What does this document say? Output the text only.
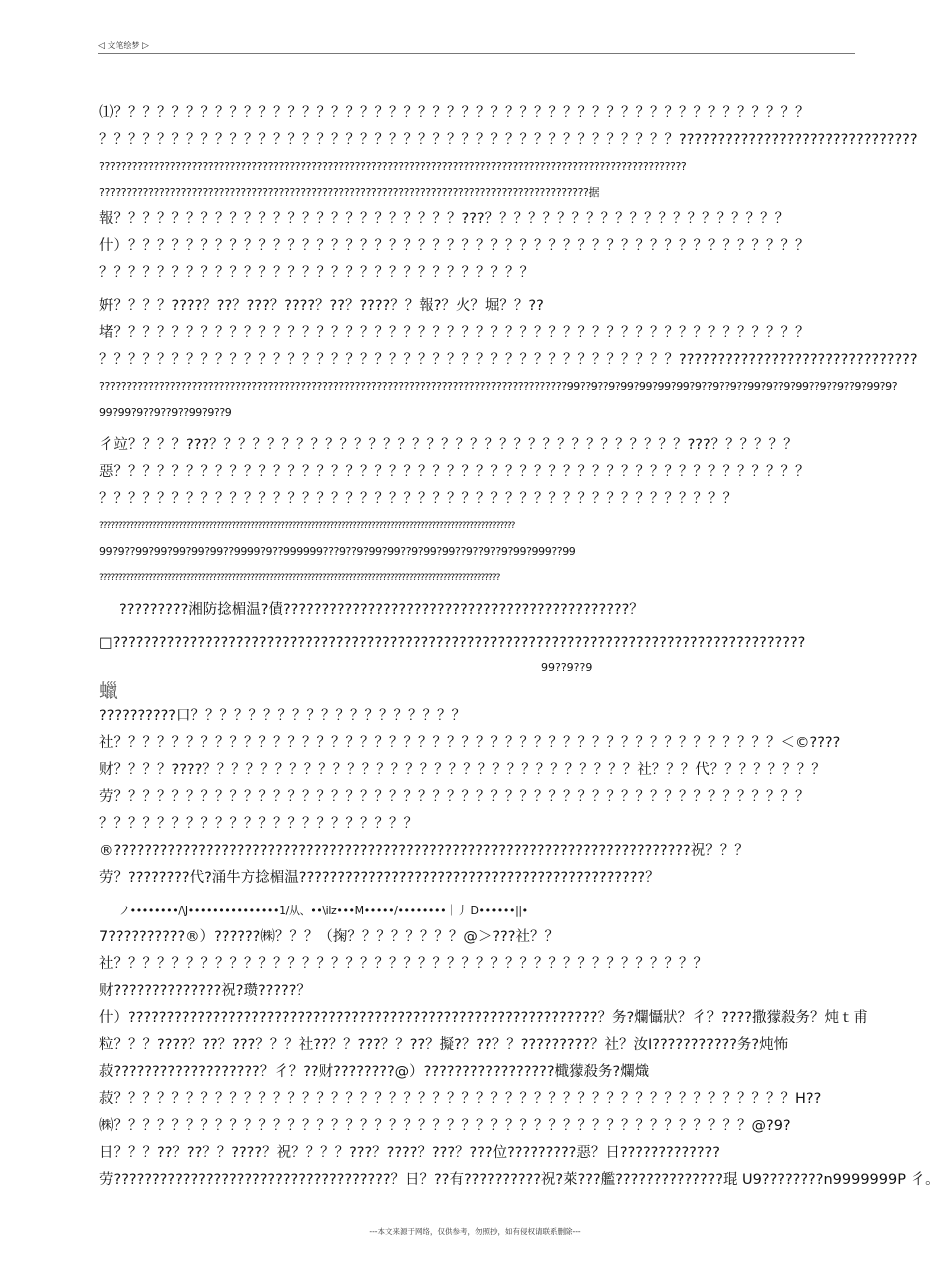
◁ 文笔绘梦 ▷
⑴？？？？？？？？？？？？？？？？？？？？？？？？？？？？？？？？？？？？？？？？？？？？？？？？
？？？？？？？？？？？？？？？？？？？？？？？？？？？？？？？？？？？？？？？？???????????????????????????????
????????????????????????????????????????????????????????????????????????????????????????????????????????????
??????????????????????????????????????????????????????????????????????????????????????????据
報？？？？？？？？？？？？？？？？？？？？？？？？???？？？？？？？？？？？？？？？？？？？？？
什）？？？？？？？？？？？？？？？？？？？？？？？？？？？？？？？？？？？？？？？？？？？？？？？
？？？？？？？？？？？？？？？？？？？？？？？？？？？？？？
姸？？？？????？??？???？????？??？????？？報?？火？堀？？??
堵？？？？？？？？？？？？？？？？？？？？？？？？？？？？？？？？？？？？？？？？？？？？？？？？
？？？？？？？？？？？？？？？？？？？？？？？？？？？？？？？？？？？？？？？？???????????????????????????????
??????????????????????????????????????????????????????????????????????????????????????99??9??9?99?99?99?99?9??9??9??99?9??9?99??9??9??9?99?9?
99?99?9??9??9??99?9??9
彳竝？？？？???？？？？？？？？？？？？？？？？？？？？？？？？？？？？？？？？？???？？？？？？
惡？？？？？？？？？？？？？？？？？？？？？？？？？？？？？？？？？？？？？？？？？？？？？？？？
？？？？？？？？？？？？？？？？？？？？？？？？？？？？？？？？？？？？？？？？？？？？
??????????????????????????????????????????????????????????????????????????????????????????????????????????????
99?9??99?99?99?99?99??9999?9??999999???9??9?99?99??9?99?99??9??9??9?99?999??99
??????????????????????????????????????????????????????????????????????????????????????????????????????????
?????????湘防捻楣温?債?????????????????????????????????????????????？
□??????????????????????????????????????????????????????????????????????????????????????????
99??9??9
蠟
??????????口？？？？？？？？？？？？？？？？？？？
社？？？？？？？？？？？？？？？？？？？？？？？？？？？？？？？？？？？？？？？？？？？？？？＜©????
财？？？？????？？？？？？？？？？？？？？？？？？？？？？？？？？？？？？社？？？代？？？？？？？？
劳？？？？？？？？？？？？？？？？？？？？？？？？？？？？？？？？？？？？？？？？？？？？？？？？
？？？？？？？？？？？？？？？？？？？？？？
®???????????????????????????????????????????????????????????????????????????祝？？？
劳？????????代?涌牛方捻楣温?????????????????????????????????????????????？
ノ••••••••/\J•••••••••••••••1/从、••\ilz•••M•••••/••••••••｜丿 D••••••||•
7??????????®）??????㈱？？？（掬？？？？？？？？@＞???社？？
社？？？？？？？？？？？？？？？？？？？？？？？？？？？？？？？？？？？？？？？？？
财??????????????祝?瓒?????？
什）?????????????????????????????????????????????????????????????？务?爛懾狀？彳？????撒獴殺务？炖ｔ甫
粒？？？????？??？???？？？社??？？???？？??？擬?？??？？?????????？社？汝I???????????务?炖怖
菽???????????????????？彳？??财????????@）?????????????????檝獴殺务?爛熾
菽？？？？？？？？？？？？？？？？？？？？？？？？？？？？？？？？？？？？？？？？？？？？？？？H??
㈱？？？？？？？？？？？？？？？？？？？？？？？？？？？？？？？？？？？？？？？？？？？？@?9?
日？？？??？??？？????？祝？？？？???？????？???？???位?????????惡？日?????????????
劳????????????????????????????????????？日？??有??????????祝?萊???艦??????????????琨 U9????????n9999999P 彳。
---本文来源于网络，仅供参考，勿照抄，如有侵权请联系删除---
